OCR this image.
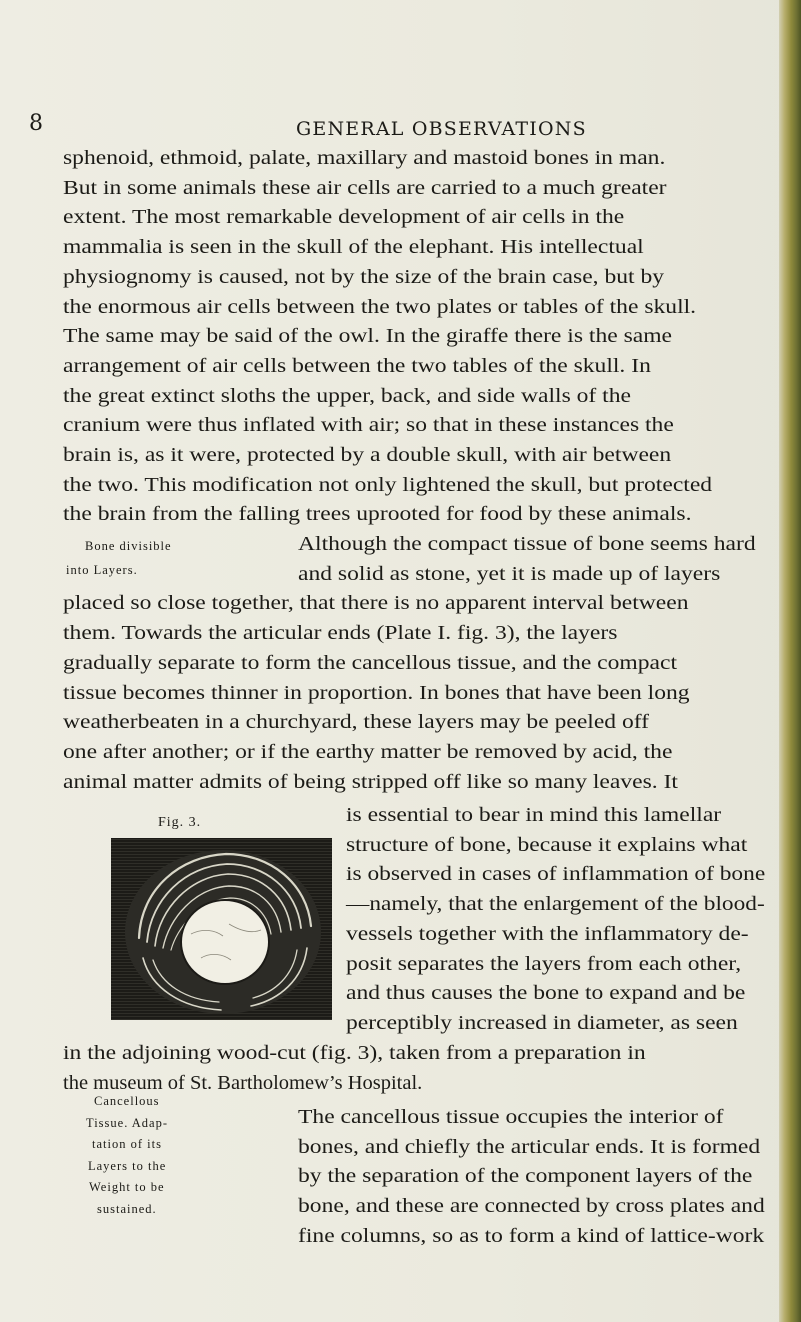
8	GENERAL OBSERVATIONS
sphenoid, ethmoid, palate, maxillary and mastoid bones in man.
But in some animals these air cells are carried to a much greater
extent. The most remarkable development of air cells in the
mammalia is seen in the skull of the elephant. His intellectual
physiognomy is caused, not by the size of the brain case, but by
the enormous air cells between the two plates or tables of the skull.
The same may be said of the owl. In the giraffe there is the same
arrangement of air cells between the two tables of the skull. In
the great extinct sloths the upper, back, and side walls of the
cranium were thus inflated with air; so that in these instances the
brain is, as it were, protected by a double skull, with air between
the two. This modification not only lightened the skull, but protected
the brain from the falling trees uprooted for food by these animals.
Although the compact tissue of bone seems hard
and solid as stone, yet it is made up of layers
placed so close together, that there is no apparent interval between
them. Towards the articular ends (Plate I. fig. 3), the layers
gradually separate to form the cancellous tissue, and the compact
tissue becomes thinner in proportion. In bones that have been long
weatherbeaten in a churchyard, these layers may be peeled off
one after another; or if the earthy matter be removed by acid, the
animal matter admits of being stripped off like so many leaves. It
is essential to bear in mind this lamellar
structure of bone, because it explains what
is observed in cases of inflammation of bone
—namely, that the enlargement of the blood-
vessels together with the inflammatory de-
posit separates the layers from each other,
and thus causes the bone to expand and be
perceptibly increased in diameter, as seen
in the adjoining wood-cut (fig. 3), taken from a preparation in
the museum of St. Bartholomew’s Hospital.
The cancellous tissue occupies the interior of
bones, and chiefly the articular ends. It is formed
by the separation of the component layers of the
bone, and these are connected by cross plates and
fine columns, so as to form a kind of lattice-work
Bone divisible
into Layers.
Cancellous
Tissue. Adap-
tation of its
Layers to the
Weight to be
sustained.
Fig. 3.
